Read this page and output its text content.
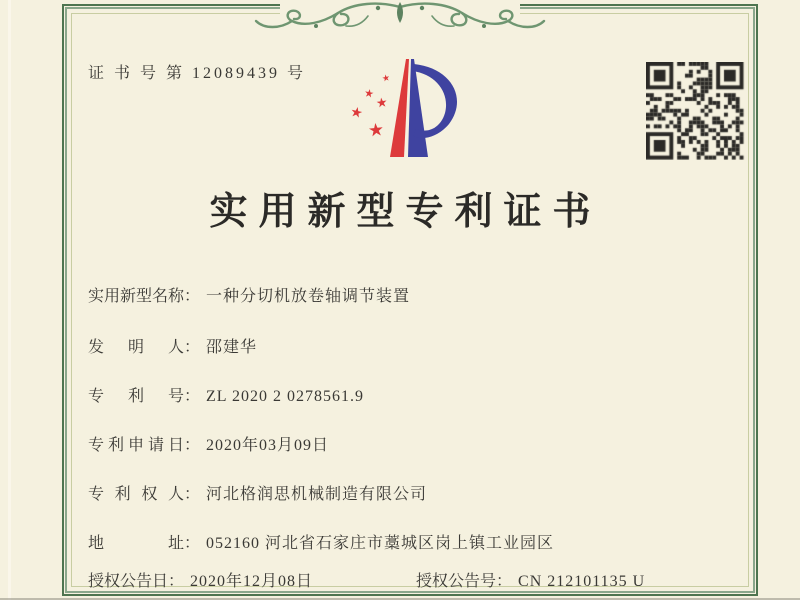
证 书 号 第 12089439 号	★
★
★
★
★
实用新型专利证书
实用新型名称： 一种分切机放卷轴调节装置
发明人： 邵建华
专利号： ZL 2020 2 0278561.9
专利申请日： 2020年03月09日
专利权人： 河北格润思机械制造有限公司
地址： 052160 河北省石家庄市藁城区岗上镇工业园区
授权公告日： 2020年12月08日	授权公告号： CN 212101135 U
